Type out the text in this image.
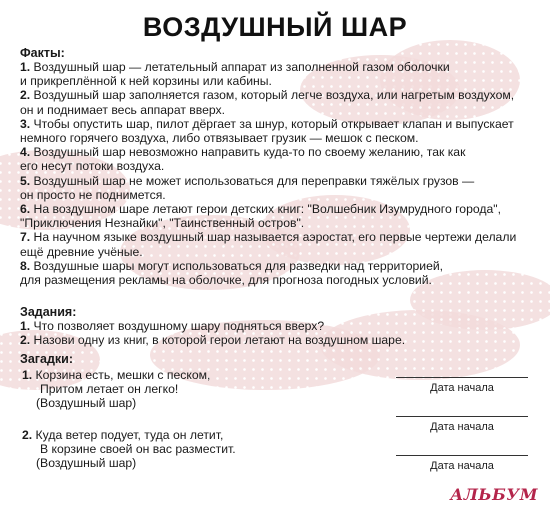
ВОЗДУШНЫЙ ШАР
Факты:
1. Воздушный шар — летательный аппарат из заполненной газом оболочки
и прикреплённой к ней корзины или кабины.
2. Воздушный шар заполняется газом, который легче воздуха, или нагретым воздухом,
он и поднимает весь аппарат вверх.
3. Чтобы опустить шар, пилот дёргает за шнур, который открывает клапан и выпускает
немного горячего воздуха, либо отвязывает грузик — мешок с песком.
4. Воздушный шар невозможно направить куда-то по своему желанию, так как
его несут потоки воздуха.
5. Воздушный шар не может использоваться для переправки тяжёлых грузов —
он просто не поднимется.
6. На воздушном шаре летают герои детских книг: "Волшебник Изумрудного города",
"Приключения Незнайки", "Таинственный остров".
7. На научном языке воздушный шар называется аэростат, его первые чертежи делали
ещё древние учёные.
8. Воздушные шары могут использоваться для разведки над территорией,
для размещения рекламы на оболочке, для прогноза погодных условий.
Задания:
1. Что позволяет воздушному шару подняться вверх?
2. Назови одну из книг, в которой герои летают на воздушном шаре.
Загадки:
1. Корзина есть, мешки с песком,
Притом летает он легко!
(Воздушный шар)
2. Куда ветер подует, туда он летит,
В корзине своей он вас разместит.
(Воздушный шар)
Дата начала
Дата начала
Дата начала
АЛЬБУМ
